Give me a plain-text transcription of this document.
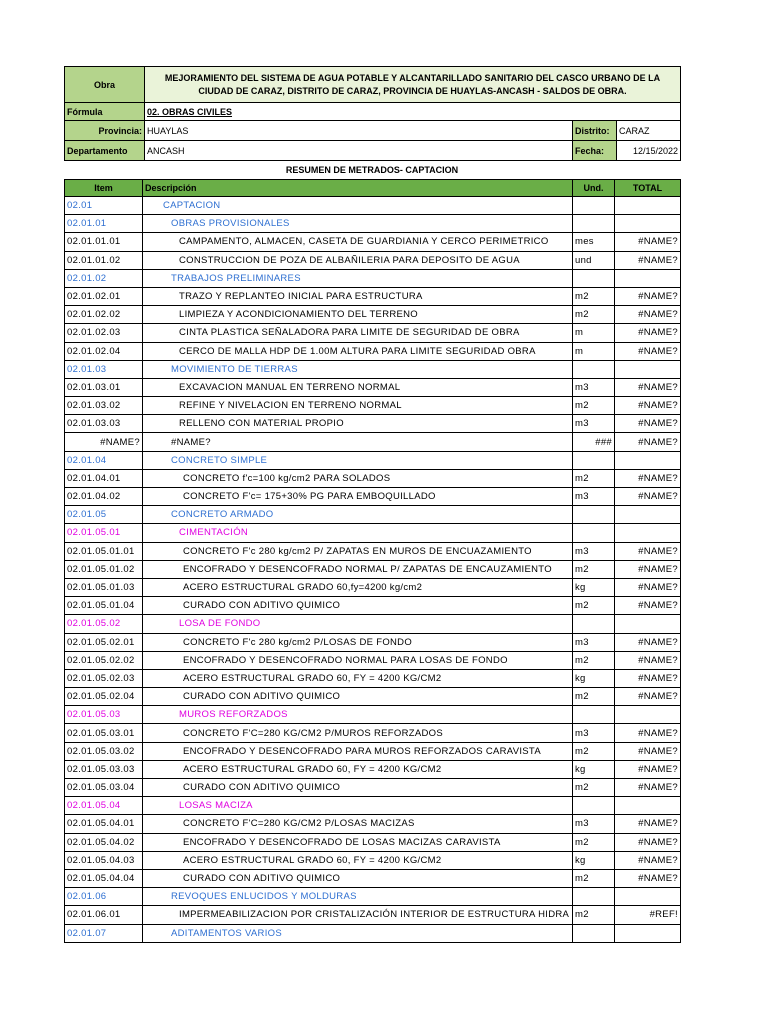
Obra	MEJORAMIENTO DEL SISTEMA DE AGUA POTABLE Y ALCANTARILLADO SANITARIO DEL CASCO URBANO DE LA CIUDAD DE CARAZ, DISTRITO DE CARAZ, PROVINCIA DE HUAYLAS-ANCASH - SALDOS DE OBRA.		
Fórmula	02. OBRAS CIVILES		
Provincia:	HUAYLAS	Distrito:	CARAZ
Departamento	ANCASH	Fecha:	12/15/2022
RESUMEN DE METRADOS- CAPTACION
Item	Descripción	Und.	TOTAL
02.01	CAPTACION		
02.01.01	OBRAS PROVISIONALES		
02.01.01.01	CAMPAMENTO, ALMACEN, CASETA DE GUARDIANIA Y CERCO PERIMETRICO	mes	#NAME?
02.01.01.02	CONSTRUCCION DE POZA DE ALBAÑILERIA PARA DEPOSITO DE AGUA	und	#NAME?
02.01.02	TRABAJOS PRELIMINARES		
02.01.02.01	TRAZO Y REPLANTEO INICIAL PARA ESTRUCTURA	m2	#NAME?
02.01.02.02	LIMPIEZA Y ACONDICIONAMIENTO DEL TERRENO	m2	#NAME?
02.01.02.03	CINTA PLASTICA SEÑALADORA PARA LIMITE DE SEGURIDAD DE OBRA	m	#NAME?
02.01.02.04	CERCO DE MALLA HDP DE 1.00M ALTURA PARA LIMITE SEGURIDAD OBRA	m	#NAME?
02.01.03	MOVIMIENTO DE TIERRAS		
02.01.03.01	EXCAVACION MANUAL EN TERRENO NORMAL	m3	#NAME?
02.01.03.02	REFINE Y NIVELACION EN TERRENO NORMAL	m2	#NAME?
02.01.03.03	RELLENO CON MATERIAL PROPIO	m3	#NAME?
#NAME?	#NAME?	###	#NAME?
02.01.04	CONCRETO SIMPLE		
02.01.04.01	CONCRETO f'c=100 kg/cm2 PARA SOLADOS	m2	#NAME?
02.01.04.02	CONCRETO F'c= 175+30% PG PARA EMBOQUILLADO	m3	#NAME?
02.01.05	CONCRETO ARMADO		
02.01.05.01	CIMENTACIÓN		
02.01.05.01.01	CONCRETO F'c 280 kg/cm2 P/ ZAPATAS EN MUROS DE ENCUAZAMIENTO	m3	#NAME?
02.01.05.01.02	ENCOFRADO Y DESENCOFRADO NORMAL P/ ZAPATAS DE ENCAUZAMIENTO	m2	#NAME?
02.01.05.01.03	ACERO ESTRUCTURAL GRADO 60,fy=4200 kg/cm2	kg	#NAME?
02.01.05.01.04	CURADO CON ADITIVO QUIMICO	m2	#NAME?
02.01.05.02	LOSA DE FONDO		
02.01.05.02.01	CONCRETO F'c 280 kg/cm2 P/LOSAS DE FONDO	m3	#NAME?
02.01.05.02.02	ENCOFRADO Y DESENCOFRADO NORMAL PARA LOSAS DE FONDO	m2	#NAME?
02.01.05.02.03	ACERO ESTRUCTURAL GRADO 60, FY = 4200 KG/CM2	kg	#NAME?
02.01.05.02.04	CURADO CON ADITIVO QUIMICO	m2	#NAME?
02.01.05.03	MUROS REFORZADOS		
02.01.05.03.01	CONCRETO F'C=280 KG/CM2 P/MUROS REFORZADOS	m3	#NAME?
02.01.05.03.02	ENCOFRADO Y DESENCOFRADO PARA MUROS REFORZADOS CARAVISTA	m2	#NAME?
02.01.05.03.03	ACERO ESTRUCTURAL GRADO 60, FY = 4200 KG/CM2	kg	#NAME?
02.01.05.03.04	CURADO CON ADITIVO QUIMICO	m2	#NAME?
02.01.05.04	LOSAS MACIZA		
02.01.05.04.01	CONCRETO F'C=280 KG/CM2 P/LOSAS MACIZAS	m3	#NAME?
02.01.05.04.02	ENCOFRADO Y DESENCOFRADO DE LOSAS MACIZAS CARAVISTA	m2	#NAME?
02.01.05.04.03	ACERO ESTRUCTURAL GRADO 60, FY = 4200 KG/CM2	kg	#NAME?
02.01.05.04.04	CURADO CON ADITIVO QUIMICO	m2	#NAME?
02.01.06	REVOQUES ENLUCIDOS Y MOLDURAS		
02.01.06.01	IMPERMEABILIZACION POR CRISTALIZACIÓN INTERIOR DE ESTRUCTURA HIDRA	m2	#REF!
02.01.07	ADITAMENTOS VARIOS		
